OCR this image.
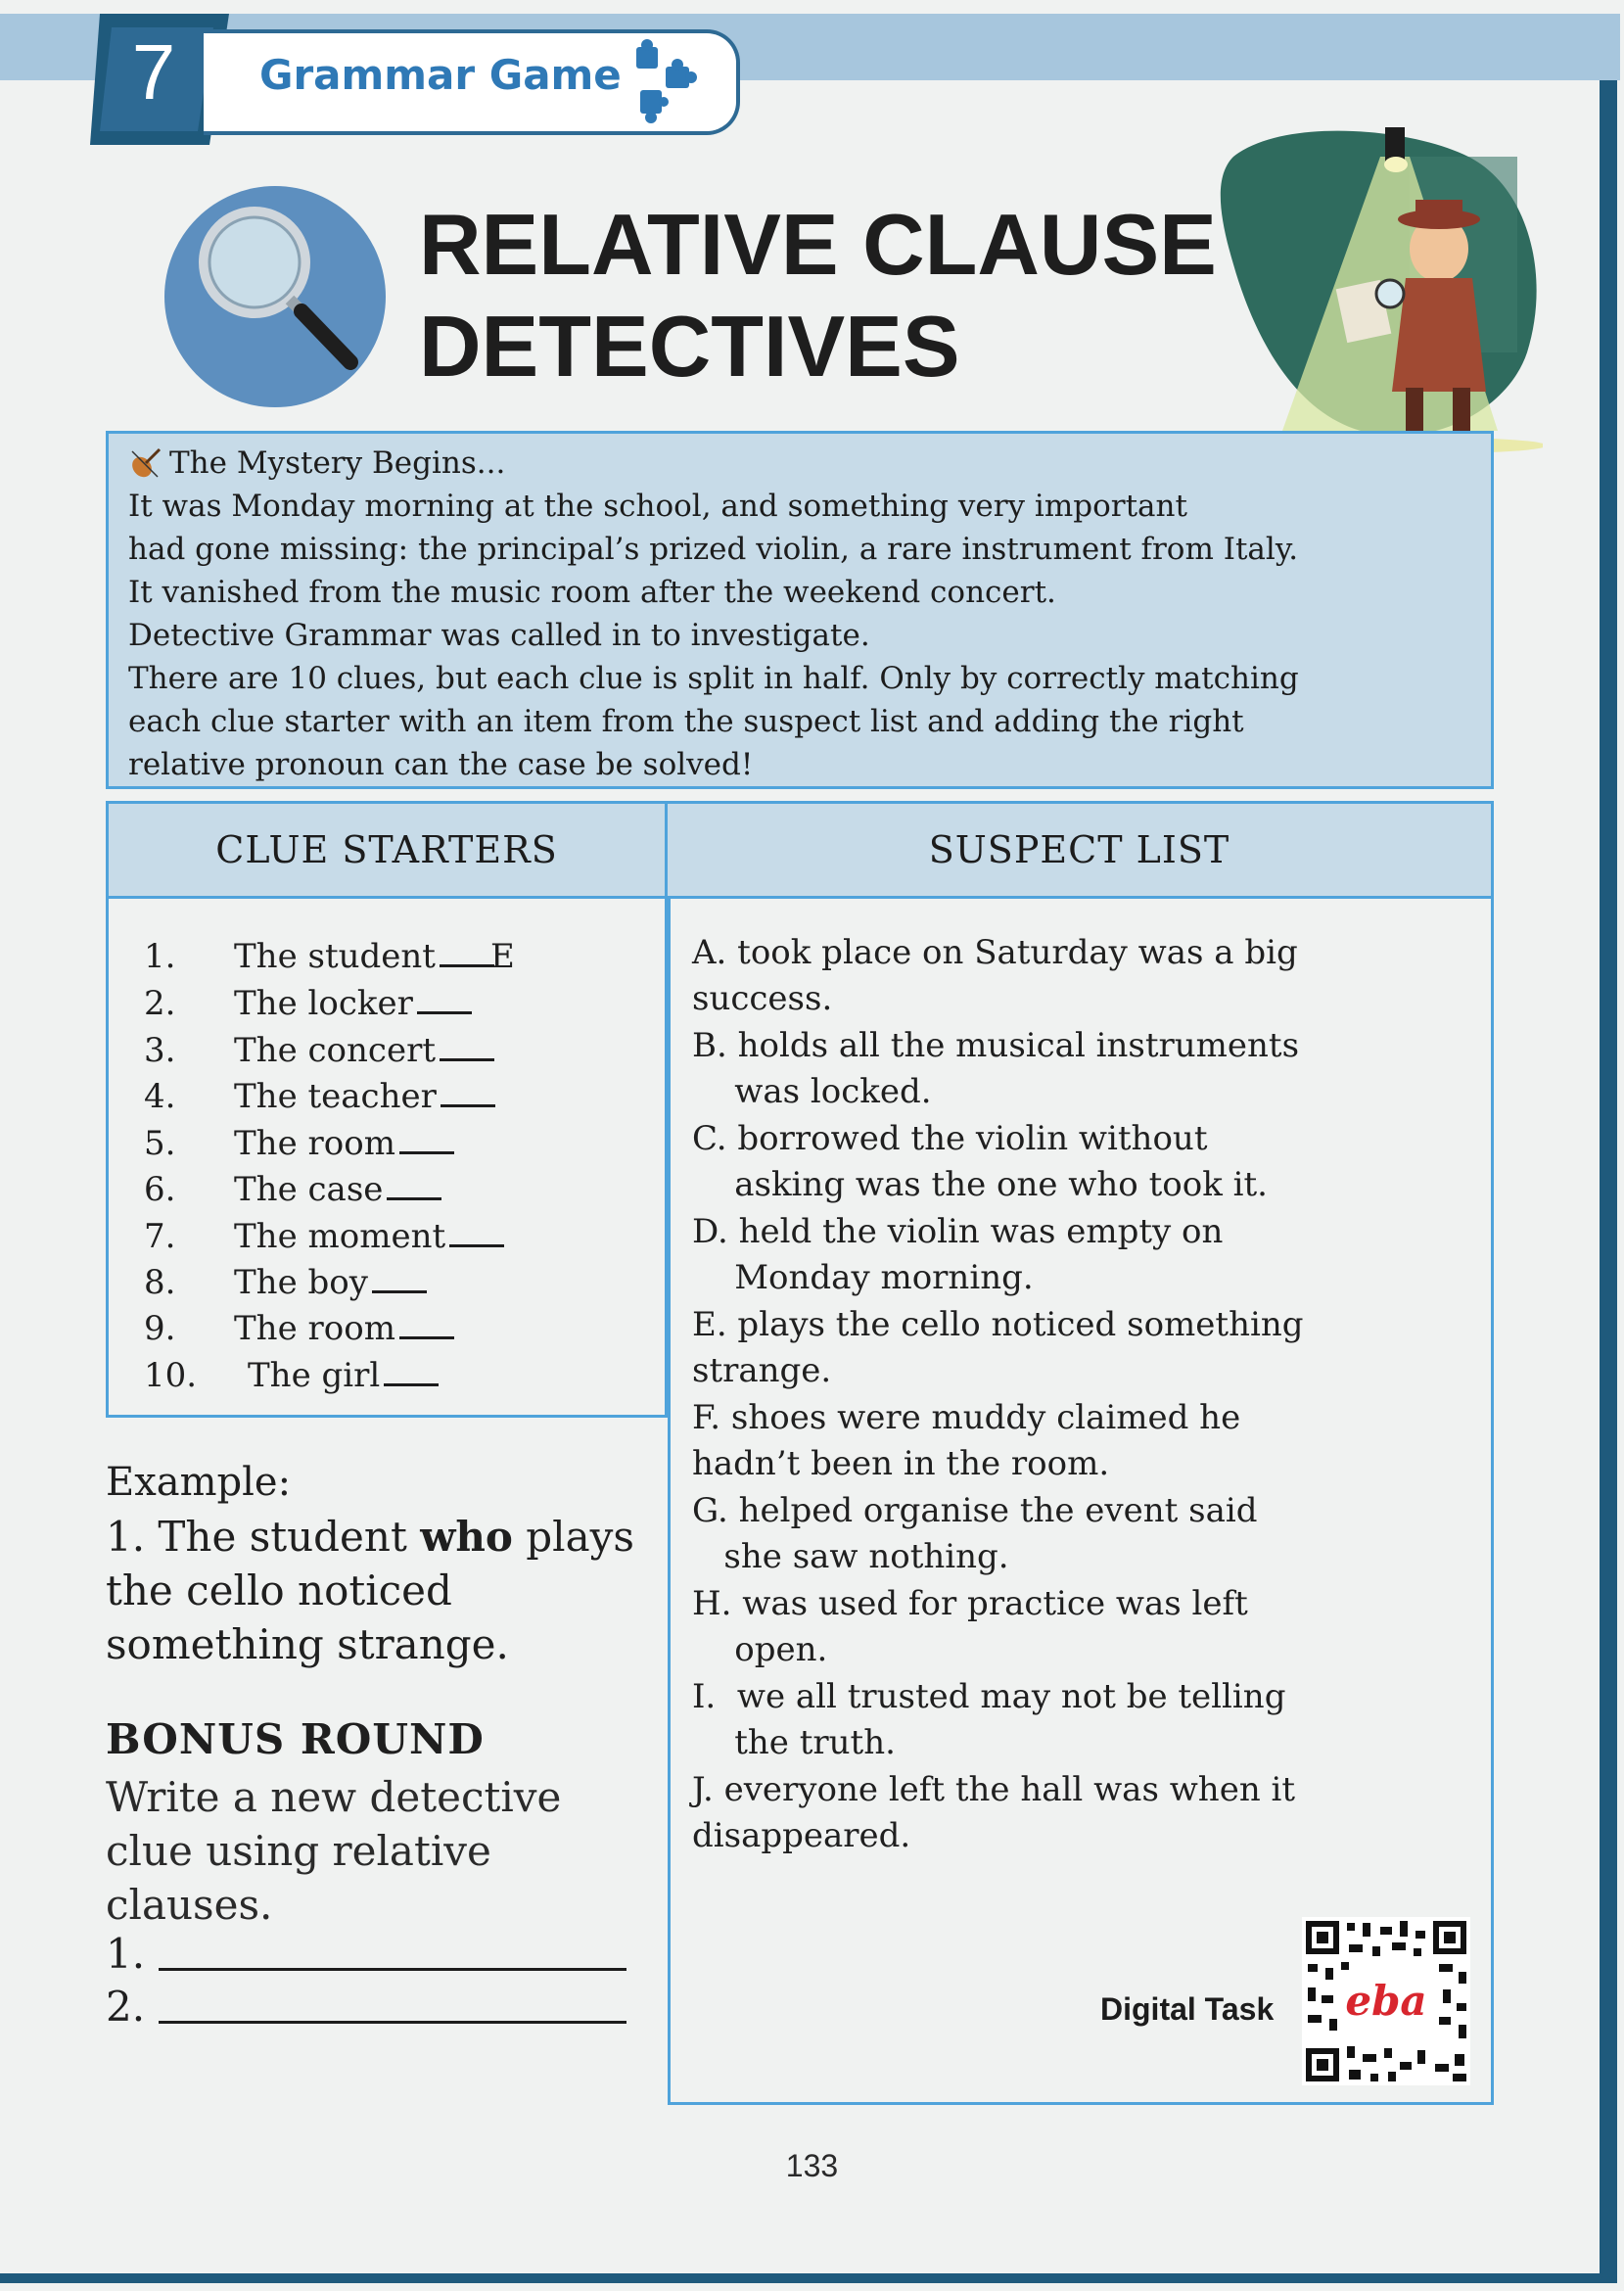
7	Grammar Game
RELATIVE CLAUSE
DETECTIVES
The Mystery Begins...
It was Monday morning at the school, and something very important
had gone missing: the principal’s prized violin, a rare instrument from Italy.
It vanished from the music room after the weekend concert.
Detective Grammar was called in to investigate.
There are 10 clues, but each clue is split in half. Only by correctly matching
each clue starter with an item from the suspect list and adding the right
relative pronoun can the case be solved!
CLUE STARTERS	SUSPECT LIST
1.	The student E
2.	The locker
3.	The concert
4.	The teacher
5.	The room
6.	The case
7.	The moment
8.	The boy
9.	The room
10.	The girl
A. took place on Saturday was a big
success.
B. holds all the musical instruments
was locked.
C. borrowed the violin without
asking was the one who took it.
D. held the violin was empty on
Monday morning.
E. plays the cello noticed something
strange.
F. shoes were muddy claimed he
hadn’t been in the room.
G. helped organise the event said
she saw nothing.
H. was used for practice was left
open.
I.  we all trusted may not be telling
the truth.
J. everyone left the hall was when it
disappeared.
Example:
1. The student who plays the cello noticed something strange.
BONUS ROUND
Write a new detective clue using relative clauses.
1.
2.	Digital Task eba
133
